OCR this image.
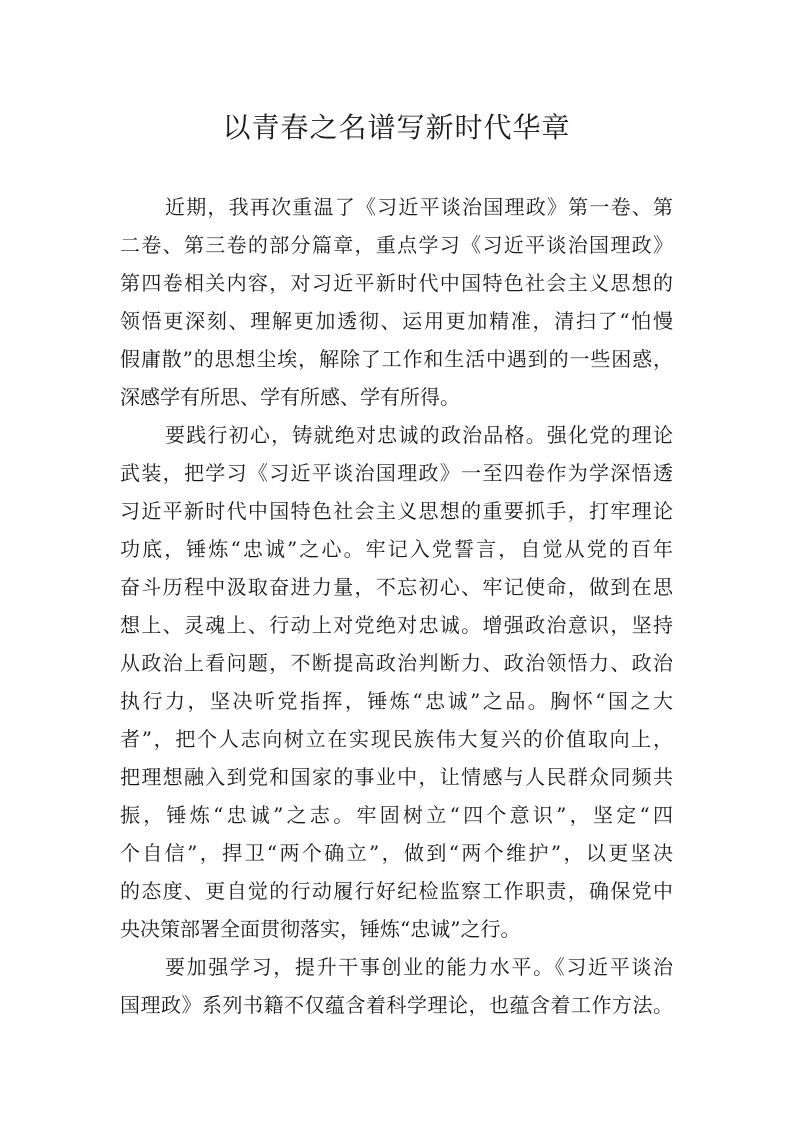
以青春之名谱写新时代华章
近期，我再次重温了《习近平谈治国理政》第一卷、第
二卷、第三卷的部分篇章，重点学习《习近平谈治国理政》
第四卷相关内容，对习近平新时代中国特色社会主义思想的
领悟更深刻、理解更加透彻、运用更加精准，清扫了“怕慢
假庸散”的思想尘埃，解除了工作和生活中遇到的一些困惑，
深感学有所思、学有所感、学有所得。
要践行初心，铸就绝对忠诚的政治品格。强化党的理论
武装，把学习《习近平谈治国理政》一至四卷作为学深悟透
习近平新时代中国特色社会主义思想的重要抓手，打牢理论
功底，锤炼“忠诚”之心。牢记入党誓言，自觉从党的百年
奋斗历程中汲取奋进力量，不忘初心、牢记使命，做到在思
想上、灵魂上、行动上对党绝对忠诚。增强政治意识，坚持
从政治上看问题，不断提高政治判断力、政治领悟力、政治
执行力，坚决听党指挥，锤炼“忠诚”之品。胸怀“国之大
者”，把个人志向树立在实现民族伟大复兴的价值取向上，
把理想融入到党和国家的事业中，让情感与人民群众同频共
振，锤炼“忠诚”之志。牢固树立“四个意识”，坚定“四
个自信”，捍卫“两个确立”，做到“两个维护”，以更坚决
的态度、更自觉的行动履行好纪检监察工作职责，确保党中
央决策部署全面贯彻落实，锤炼“忠诚”之行。
要加强学习，提升干事创业的能力水平。《习近平谈治
国理政》系列书籍不仅蕴含着科学理论，也蕴含着工作方法。
